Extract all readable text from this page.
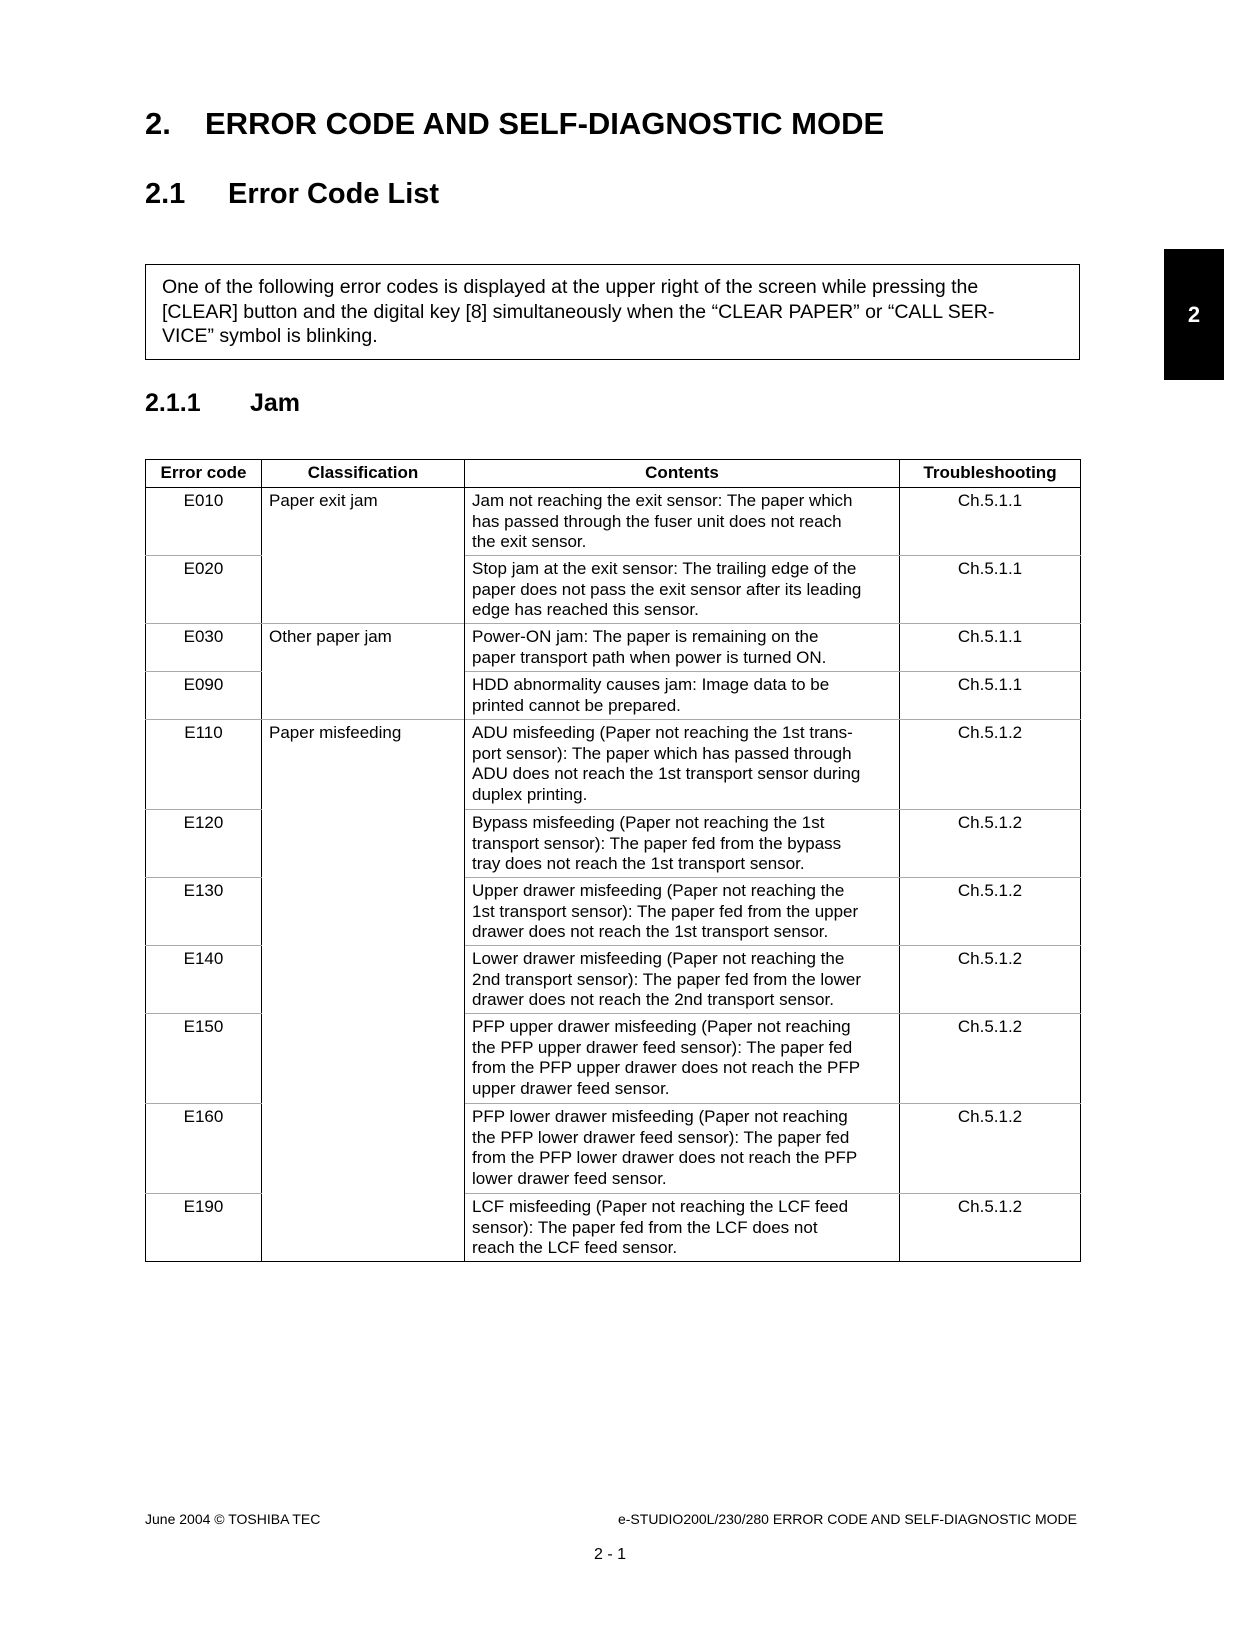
2. ERROR CODE AND SELF-DIAGNOSTIC MODE
2.1 Error Code List
One of the following error codes is displayed at the upper right of the screen while pressing the
[CLEAR] button and the digital key [8] simultaneously when the “CLEAR PAPER” or “CALL SER-
VICE” symbol is blinking.
2
2.1.1 Jam
Error code	Classification	Contents	Troubleshooting
E010	Paper exit jam	Jam not reaching the exit sensor: The paper which
has passed through the fuser unit does not reach
the exit sensor.	Ch.5.1.1
E020		Stop jam at the exit sensor: The trailing edge of the
paper does not pass the exit sensor after its leading
edge has reached this sensor.	Ch.5.1.1
E030	Other paper jam	Power-ON jam: The paper is remaining on the
paper transport path when power is turned ON.	Ch.5.1.1
E090		HDD abnormality causes jam: Image data to be
printed cannot be prepared.	Ch.5.1.1
E110	Paper misfeeding	ADU misfeeding (Paper not reaching the 1st trans-
port sensor): The paper which has passed through
ADU does not reach the 1st transport sensor during
duplex printing.	Ch.5.1.2
E120		Bypass misfeeding (Paper not reaching the 1st
transport sensor): The paper fed from the bypass
tray does not reach the 1st transport sensor.	Ch.5.1.2
E130		Upper drawer misfeeding (Paper not reaching the
1st transport sensor): The paper fed from the upper
drawer does not reach the 1st transport sensor.	Ch.5.1.2
E140		Lower drawer misfeeding (Paper not reaching the
2nd transport sensor): The paper fed from the lower
drawer does not reach the 2nd transport sensor.	Ch.5.1.2
E150		PFP upper drawer misfeeding (Paper not reaching
the PFP upper drawer feed sensor): The paper fed
from the PFP upper drawer does not reach the PFP
upper drawer feed sensor.	Ch.5.1.2
E160		PFP lower drawer misfeeding (Paper not reaching
the PFP lower drawer feed sensor): The paper fed
from the PFP lower drawer does not reach the PFP
lower drawer feed sensor.	Ch.5.1.2
E190		LCF misfeeding (Paper not reaching the LCF feed
sensor): The paper fed from the LCF does not
reach the LCF feed sensor.	Ch.5.1.2
June 2004 © TOSHIBA TEC	e-STUDIO200L/230/280 ERROR CODE AND SELF-DIAGNOSTIC MODE
2 - 1
